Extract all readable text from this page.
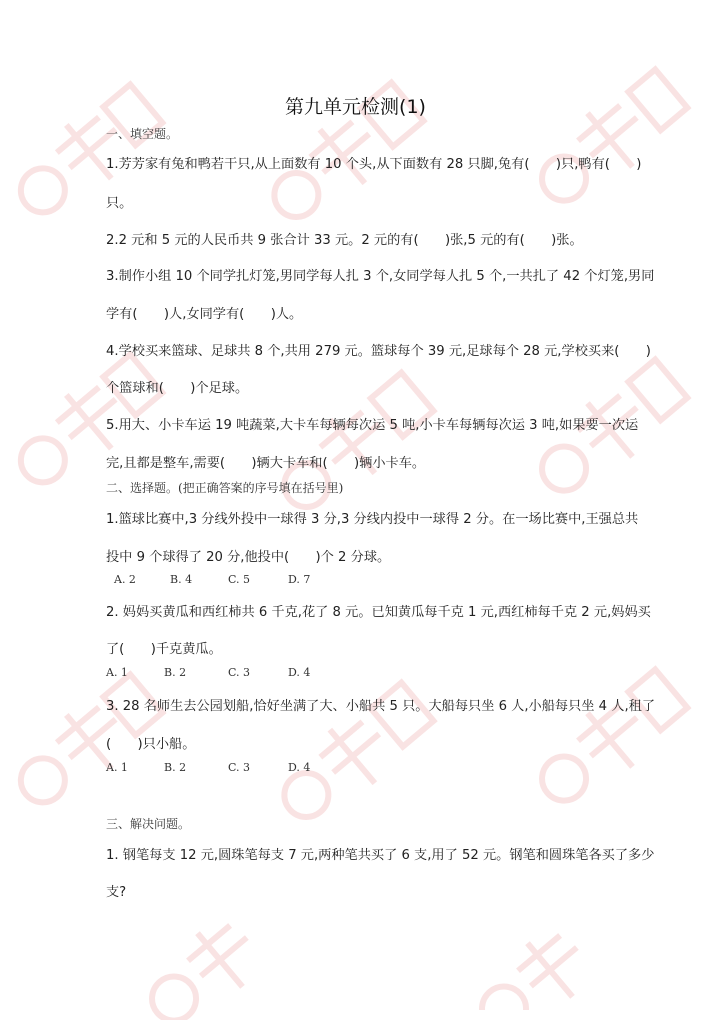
第九单元检测(1)
一、填空题。
1.芳芳家有兔和鸭若干只,从上面数有 10 个头,从下面数有 28 只脚,兔有(　　)只,鸭有(　　)
只。
2.2 元和 5 元的人民币共 9 张合计 33 元。2 元的有(　　)张,5 元的有(　　)张。
3.制作小组 10 个同学扎灯笼,男同学每人扎 3 个,女同学每人扎 5 个,一共扎了 42 个灯笼,男同
学有(　　)人,女同学有(　　)人。
4.学校买来篮球、足球共 8 个,共用 279 元。篮球每个 39 元,足球每个 28 元,学校买来(　　)
个篮球和(　　)个足球。
5.用大、小卡车运 19 吨蔬菜,大卡车每辆每次运 5 吨,小卡车每辆每次运 3 吨,如果要一次运
完,且都是整车,需要(　　)辆大卡车和(　　)辆小卡车。
二、选择题。(把正确答案的序号填在括号里)
1.篮球比赛中,3 分线外投中一球得 3 分,3 分线内投中一球得 2 分。在一场比赛中,王强总共
投中 9 个球得了 20 分,他投中(　　)个 2 分球。
A. 2	B. 4	C. 5	D. 7
2. 妈妈买黄瓜和西红柿共 6 千克,花了 8 元。已知黄瓜每千克 1 元,西红柿每千克 2 元,妈妈买
了(　　)千克黄瓜。
A. 1	B. 2	C. 3	D. 4
3. 28 名师生去公园划船,恰好坐满了大、小船共 5 只。大船每只坐 6 人,小船每只坐 4 人,租了
(　　)只小船。
A. 1	B. 2	C. 3	D. 4
三、解决问题。
1. 钢笔每支 12 元,圆珠笔每支 7 元,两种笔共买了 6 支,用了 52 元。钢笔和圆珠笔各买了多少
支?
